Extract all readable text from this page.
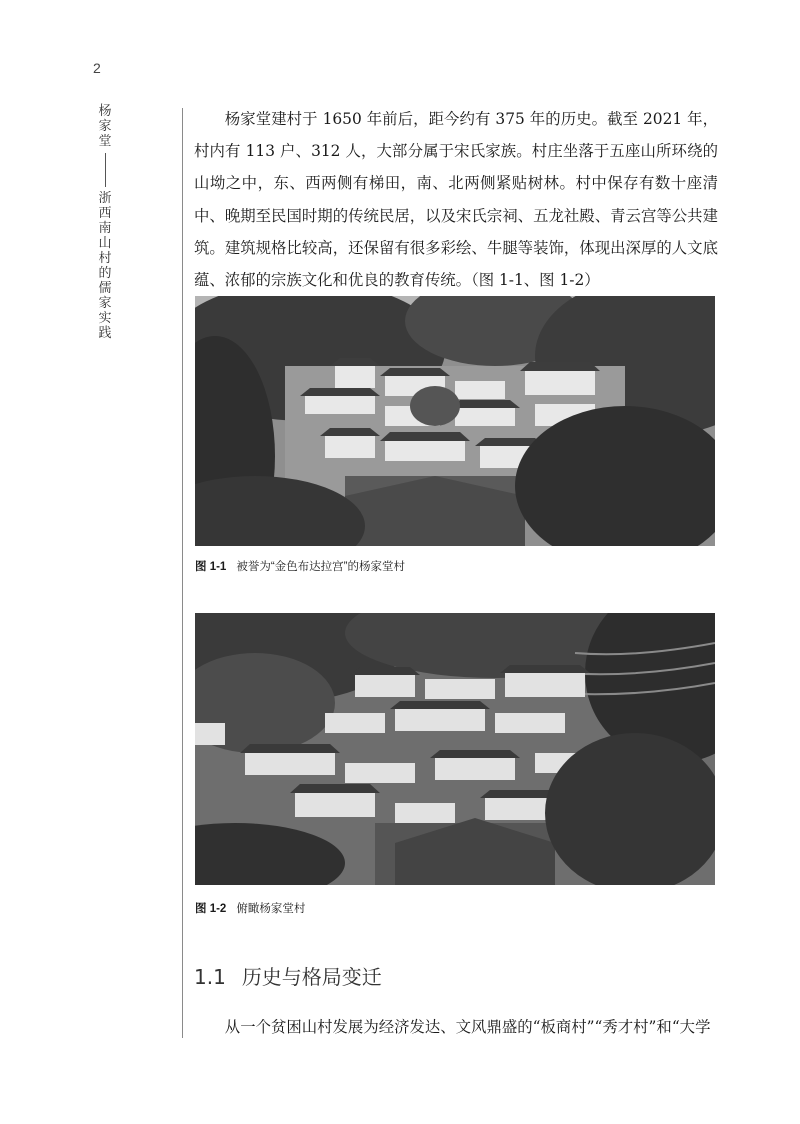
2
杨家堂
浙西南山村的儒家实践

杨家堂建村于 1650 年前后，距今约有 375 年的历史。截至 2021 年，村内有 113 户、312 人，大部分属于宋氏家族。村庄坐落于五座山所环绕的山坳之中，东、西两侧有梯田，南、北两侧紧贴树林。村中保存有数十座清中、晚期至民国时期的传统民居，以及宋氏宗祠、五龙社殿、青云宫等公共建筑。建筑规格比较高，还保留有很多彩绘、牛腿等装饰，体现出深厚的人文底蕴、浓郁的宗族文化和优良的教育传统。（图 1-1、图 1-2）

图 1-1 被誉为“金色布达拉宫”的杨家堂村
图 1-2 俯瞰杨家堂村
1.1 历史与格局变迁

从一个贫困山村发展为经济发达、文风鼎盛的“板商村”“秀才村”和“大学
